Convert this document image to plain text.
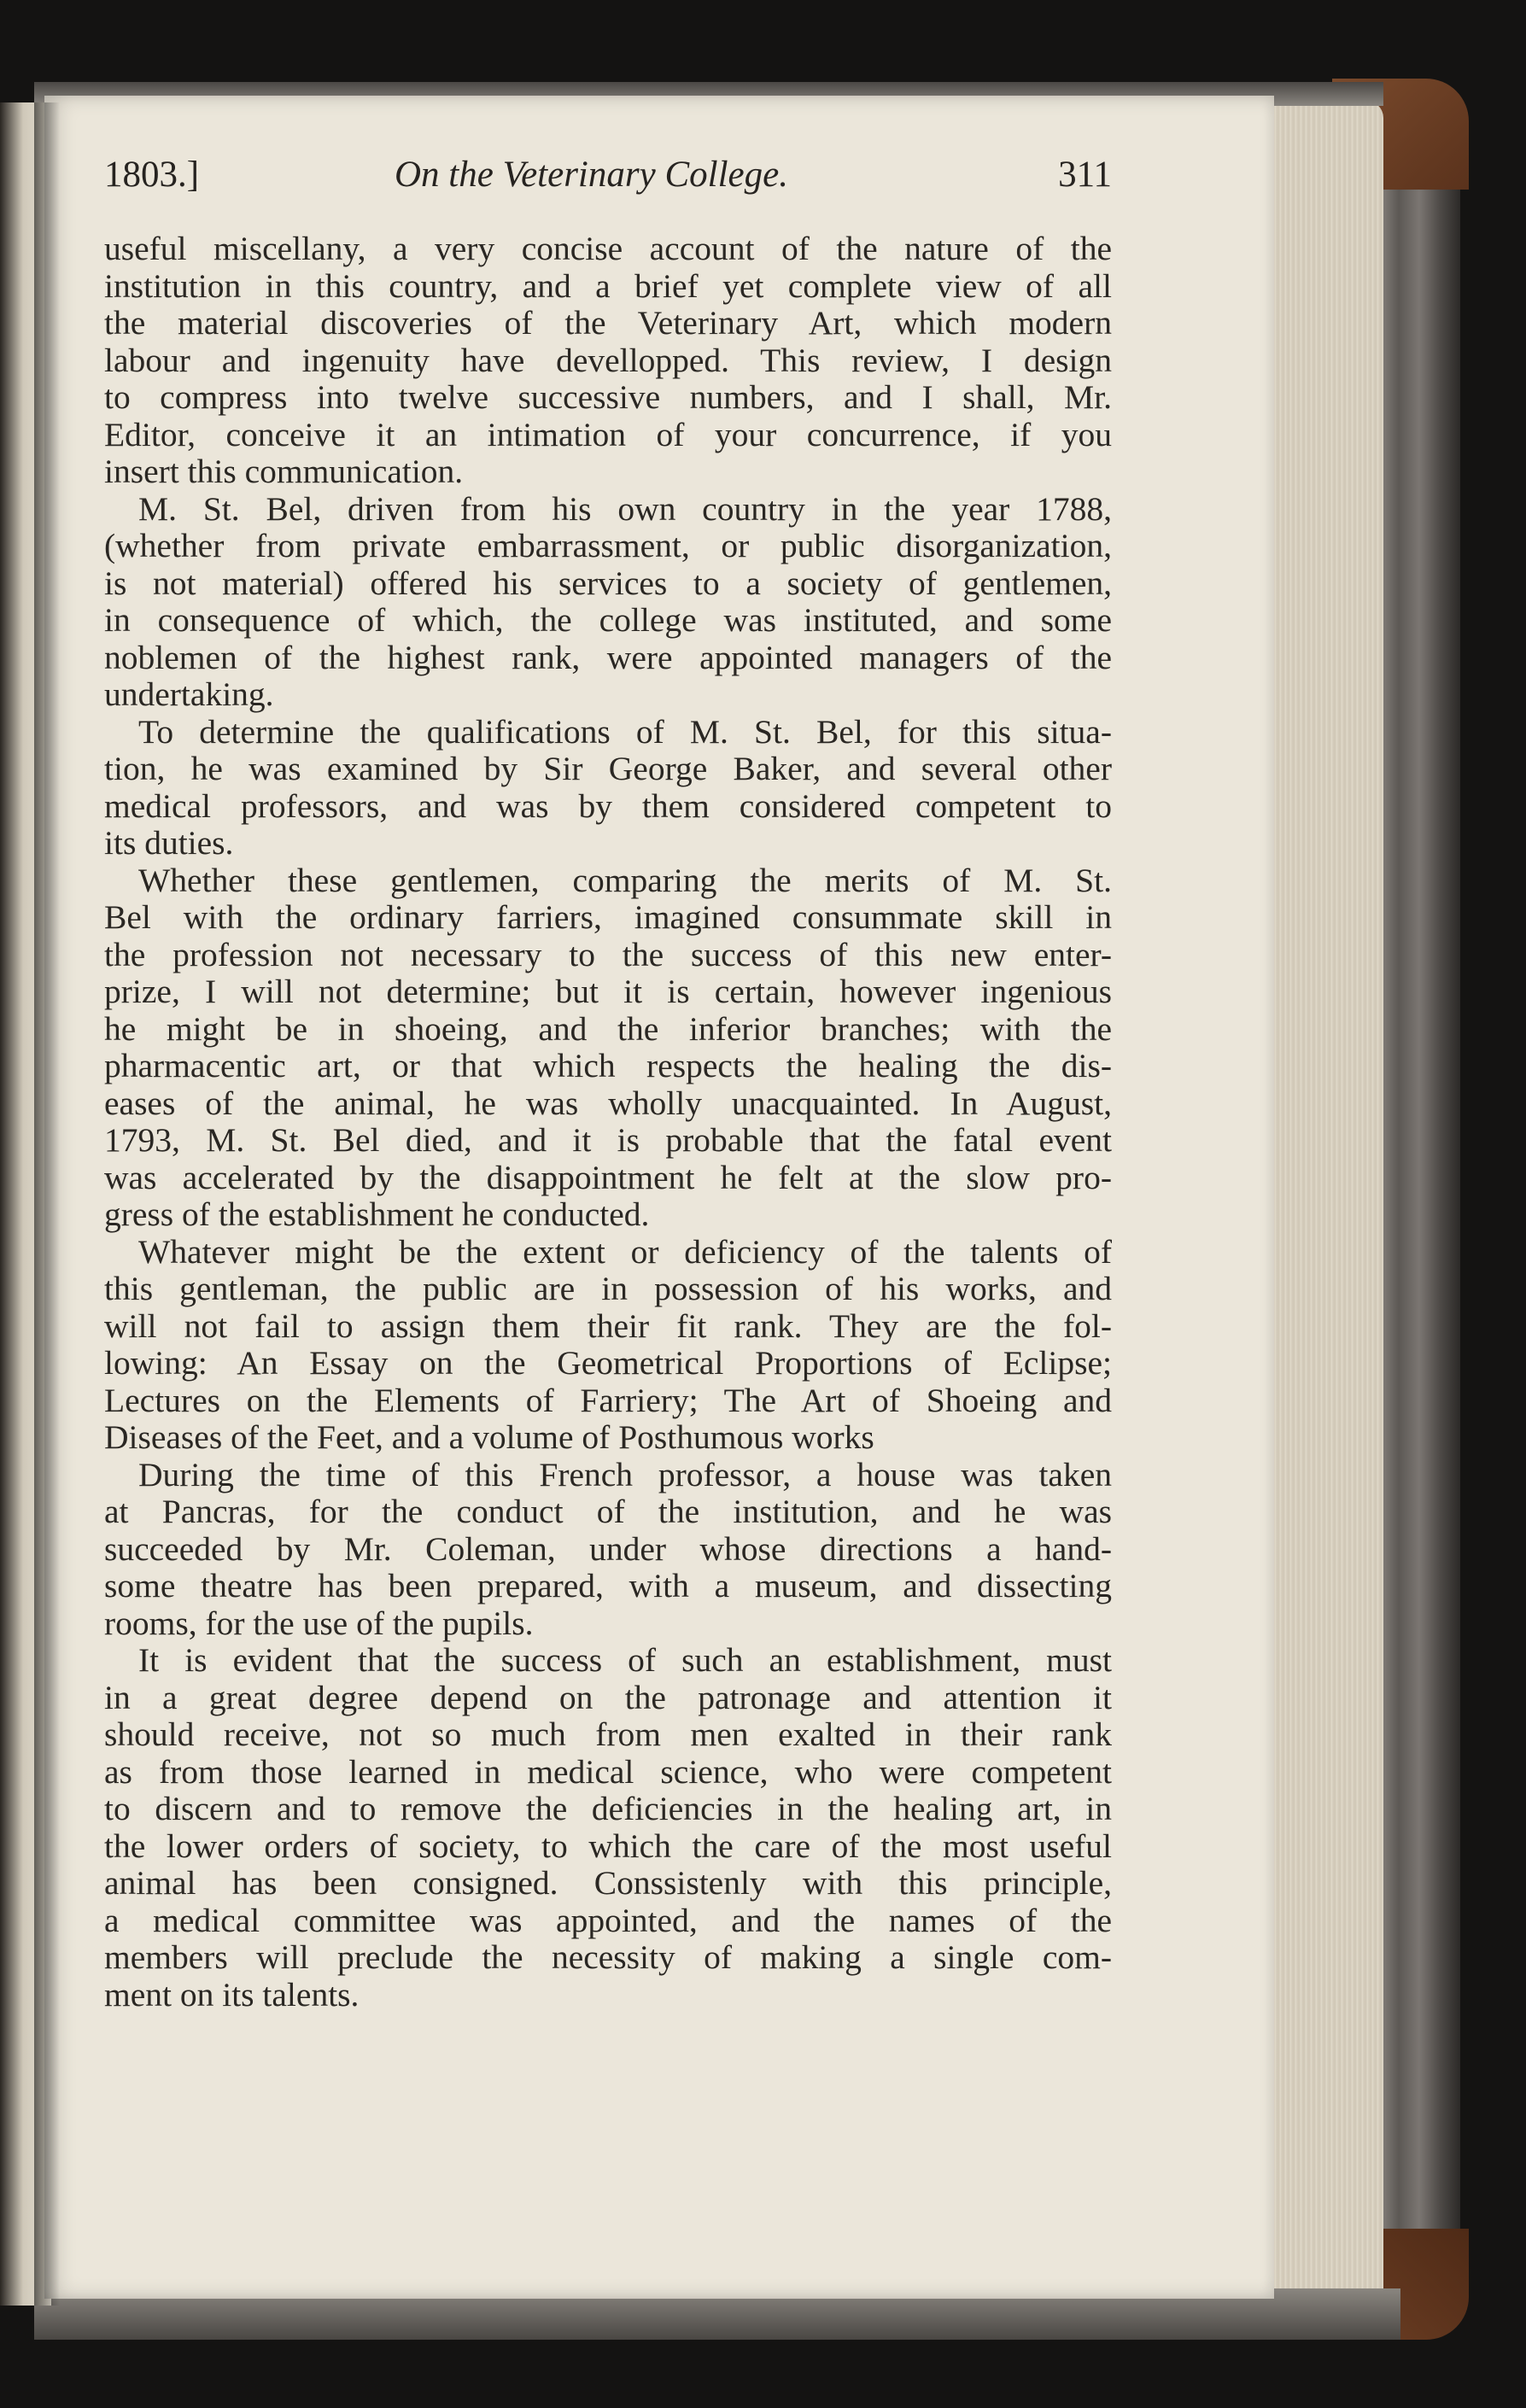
1803.]	On the Veterinary College.	311
useful miscellany, a very concise account of the nature of the
institution in this country, and a brief yet complete view of all
the material discoveries of the Veterinary Art, which modern
labour and ingenuity have devellopped. This review, I design
to compress into twelve successive numbers, and I shall, Mr.
Editor, conceive it an intimation of your concurrence, if you
insert this communication.
M. St. Bel, driven from his own country in the year 1788,
(whether from private embarrassment, or public disorganization,
is not material) offered his services to a society of gentlemen,
in consequence of which, the college was instituted, and some
noblemen of the highest rank, were appointed managers of the
undertaking.
To determine the qualifications of M. St. Bel, for this situa-
tion, he was examined by Sir George Baker, and several other
medical professors, and was by them considered competent to
its duties.
Whether these gentlemen, comparing the merits of M. St.
Bel with the ordinary farriers, imagined consummate skill in
the profession not necessary to the success of this new enter-
prize, I will not determine; but it is certain, however ingenious
he might be in shoeing, and the inferior branches; with the
pharmacentic art, or that which respects the healing the dis-
eases of the animal, he was wholly unacquainted. In August,
1793, M. St. Bel died, and it is probable that the fatal event
was accelerated by the disappointment he felt at the slow pro-
gress of the establishment he conducted.
Whatever might be the extent or deficiency of the talents of
this gentleman, the public are in possession of his works, and
will not fail to assign them their fit rank. They are the fol-
lowing: An Essay on the Geometrical Proportions of Eclipse;
Lectures on the Elements of Farriery; The Art of Shoeing and
Diseases of the Feet, and a volume of Posthumous works
During the time of this French professor, a house was taken
at Pancras, for the conduct of the institution, and he was
succeeded by Mr. Coleman, under whose directions a hand-
some theatre has been prepared, with a museum, and dissecting
rooms, for the use of the pupils.
It is evident that the success of such an establishment, must
in a great degree depend on the patronage and attention it
should receive, not so much from men exalted in their rank
as from those learned in medical science, who were competent
to discern and to remove the deficiencies in the healing art, in
the lower orders of society, to which the care of the most useful
animal has been consigned. Conssistenly with this principle,
a medical committee was appointed, and the names of the
members will preclude the necessity of making a single com-
ment on its talents.
